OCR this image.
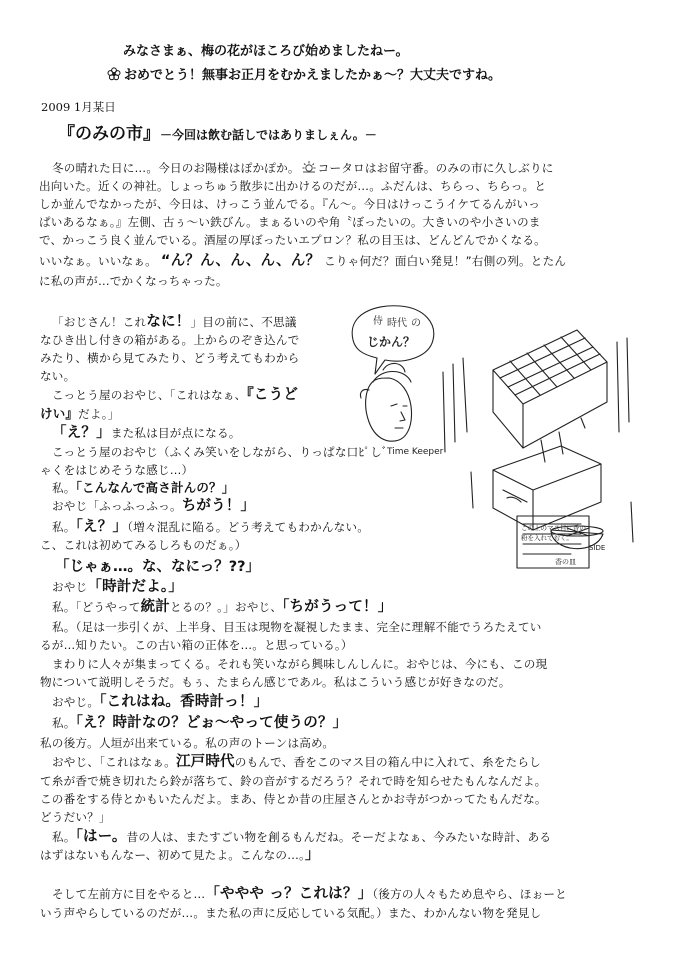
みなさまぁ、梅の花がほころび始めましたねー。
おめでとう！無事お正月をむかえましたかぁ～？大丈夫ですね。
2009 1月某日
『のみの市』－今回は飲む話しではありましぇん。－
冬の晴れた日に…。今日のお陽様はぽかぽか。 コータロはお留守番。のみの市に久しぶりに
出向いた。近くの神社。しょっちゅう散歩に出かけるのだが…。ふだんは、ちらっ、ちらっ。と
しか並んでなかったが、今日は、けっこう並んでる。『ん～。今日はけっこうイケてるんがいっ
ぱいあるなぁ。』左側、古ぅ～い鉄びん。まぁるいのや角〝ぼったいの。大きいのや小さいのま
で、かっこう良く並んでいる。酒屋の厚ぼったいエプロン？私の目玉は、どんどんでかくなる。
いいなぁ。いいなぁ。 “ん？ん、ん、ん、ん？ こりゃ何だ？面白い発見！”右側の列。とたん
に私の声が…でかくなっちゃった。
「おじさん！これなに！」目の前に、不思議
なひき出し付きの箱がある。上からのぞき込んで
みたり、横から見てみたり、どう考えてもわから
ない。
こっとう屋のおやじ、「これはなぁ、『こうど
けい』だよ。」
「え？」また私は目が点になる。
こっとう屋のおやじ（ふくみ笑いをしながら、りっぱな口ﾋﾟしﾞ
ゃくをはじめそうな感じ…）
私。「こんなんで高さ計んの？」
おやじ「ふっふっふっ。ちがう！」
私。「え？」（増々混乱に陥る。どう考えてもわかんない。
こ、これは初めてみるしろものだぁ。）
「じゃぁ…。な、なにっ？??」
おやじ「時計だよ。」
私。「どうやって統計とるの？。」おやじ、「ちがうって！」
私。（足は一歩引くが、上半身、目玉は現物を凝視したまま、完全に理解不能でうろたえてい
るが…知りたい。この古い箱の正体を…。と思っている。）
まわりに人々が集まってくる。それも笑いながら興味しんしんに。おやじは、今にも、この現
物について説明しそうだ。もぅ、たまらん感じであル。私はこういう感じが好きなのだ。
おやじ。「これはね。香時計っ！」
私。「え？時計なの？どぉ～やって使うの？」
私の後方。人垣が出来ている。私の声のトーンは高め。
おやじ、「これはなぁ。江戸時代のもんで、香をこのマス目の箱ん中に入れて、糸をたらし
て糸が香で焼き切れたら鈴が落ちて、鈴の音がするだろう？それで時を知らせたもんなんだよ。
この番をする侍とかもいたんだよ。まあ、侍とか昔の庄屋さんとかお寺がつかってたもんだな。
どうだい？」
私。「はー。昔の人は、またすごい物を創るもんだね。そーだよなぁ、今みたいな時計、ある
はずはないもんなー、初めて見たよ。こんなの…。」
そして左前方に目をやると…「ややや っ？これは？」（後方の人々もため息やら、ほぉーと
いう声やらしているのだが…。また私の声に反応している気配。）また、わかんない物を発見し
侍 時代 の
じかん？
Time Keeper
この上のマス目に香の
粉を入れておく。
香の皿
SIDE
